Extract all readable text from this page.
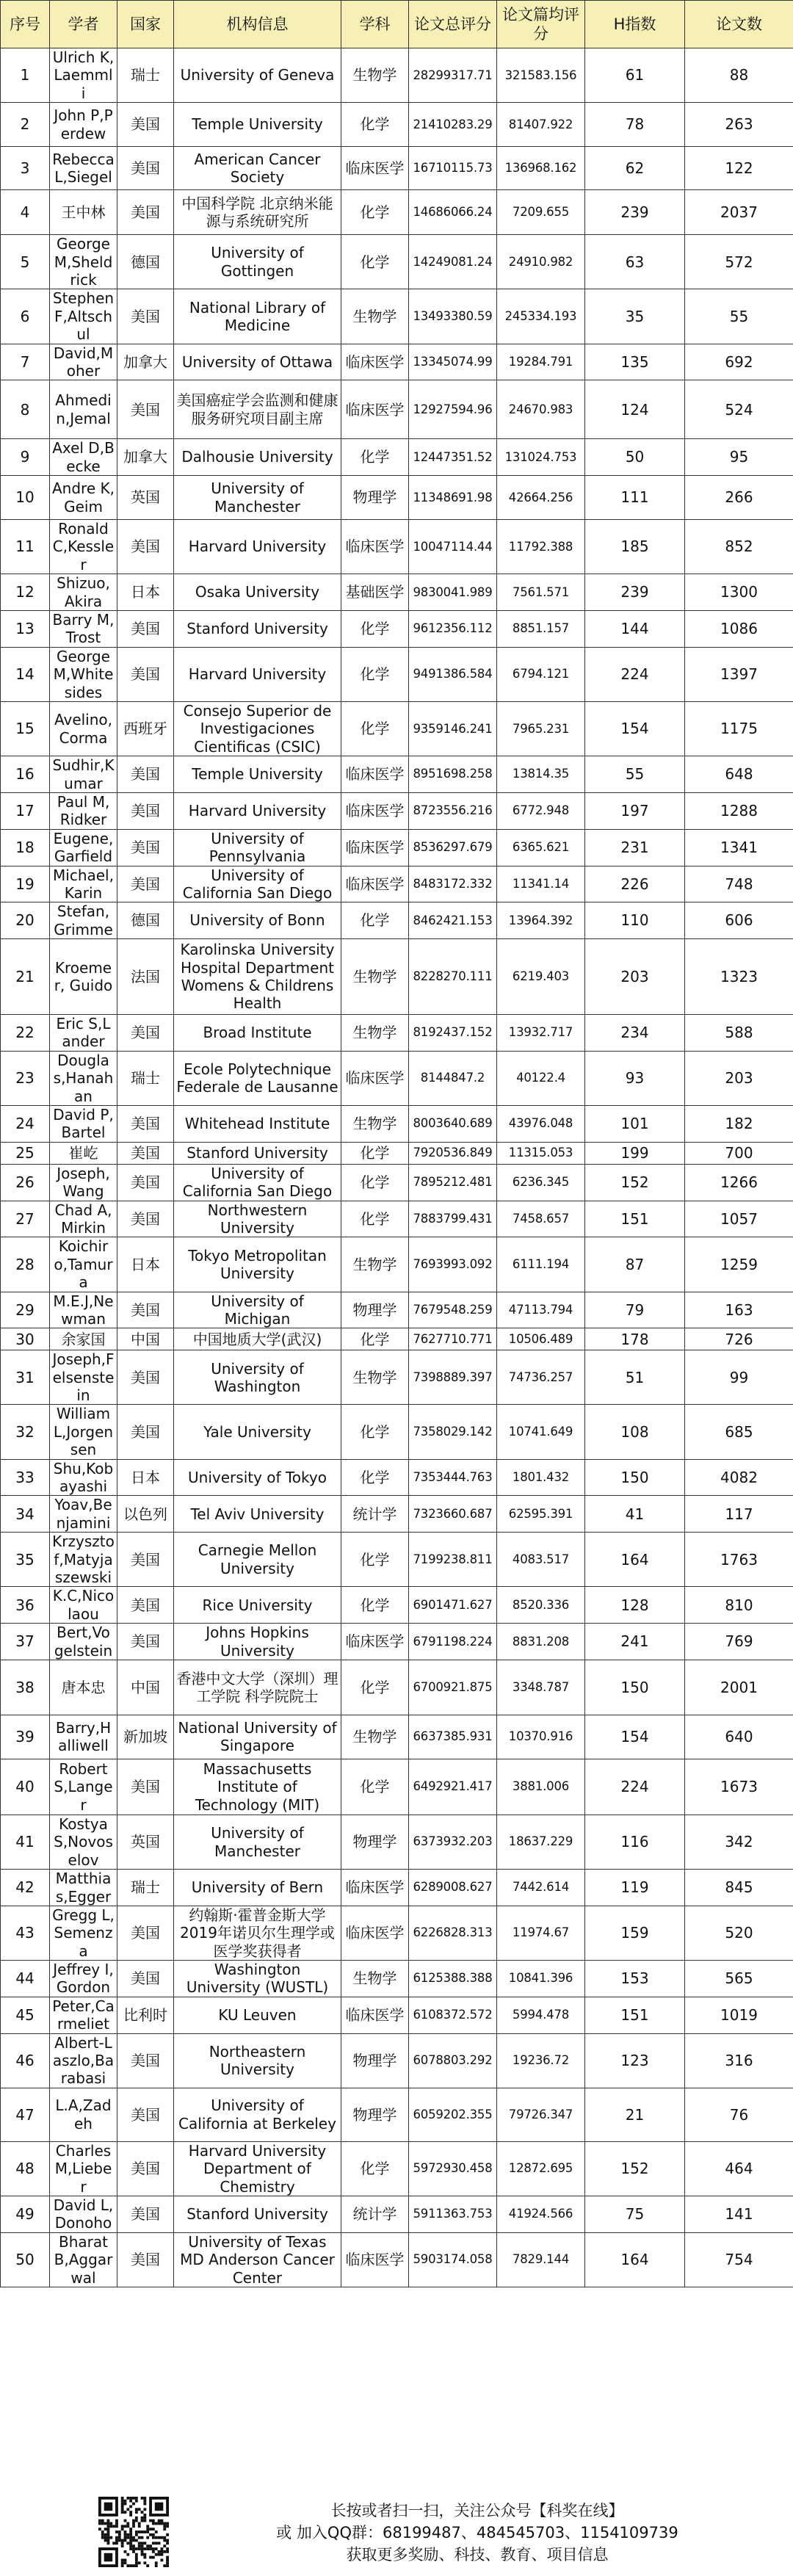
序号	学者	国家	机构信息	学科	论文总评分	论文篇均评分	H指数	论文数
1	Ulrich K,Laemmli	瑞士	University of Geneva	生物学	28299317.71	321583.156	61	88
2	John P,Perdew	美国	Temple University	化学	21410283.29	81407.922	78	263
3	Rebecca L,Siegel	美国	American Cancer Society	临床医学	16710115.73	136968.162	62	122
4	王中林	美国	中国科学院 北京纳米能源与系统研究所	化学	14686066.24	7209.655	239	2037
5	George M,Sheldrick	德国	University of Gottingen	化学	14249081.24	24910.982	63	572
6	Stephen F,Altschul	美国	National Library of Medicine	生物学	13493380.59	245334.193	35	55
7	David,Moher	加拿大	University of Ottawa	临床医学	13345074.99	19284.791	135	692
8	Ahmedin,Jemal	美国	美国癌症学会监测和健康服务研究项目副主席	临床医学	12927594.96	24670.983	124	524
9	Axel D,Becke	加拿大	Dalhousie University	化学	12447351.52	131024.753	50	95
10	Andre K,Geim	英国	University of Manchester	物理学	11348691.98	42664.256	111	266
11	Ronald C,Kessler	美国	Harvard University	临床医学	10047114.44	11792.388	185	852
12	Shizuo,Akira	日本	Osaka University	基础医学	9830041.989	7561.571	239	1300
13	Barry M,Trost	美国	Stanford University	化学	9612356.112	8851.157	144	1086
14	George M,Whitesides	美国	Harvard University	化学	9491386.584	6794.121	224	1397
15	Avelino,Corma	西班牙	Consejo Superior de Investigaciones Cientificas (CSIC)	化学	9359146.241	7965.231	154	1175
16	Sudhir,Kumar	美国	Temple University	临床医学	8951698.258	13814.35	55	648
17	Paul M,Ridker	美国	Harvard University	临床医学	8723556.216	6772.948	197	1288
18	Eugene,Garfield	美国	University of Pennsylvania	临床医学	8536297.679	6365.621	231	1341
19	Michael,Karin	美国	University of California San Diego	临床医学	8483172.332	11341.14	226	748
20	Stefan,Grimme	德国	University of Bonn	化学	8462421.153	13964.392	110	606
21	Kroemer, Guido	法国	Karolinska University Hospital Department Womens & Childrens Health	生物学	8228270.111	6219.403	203	1323
22	Eric S,Lander	美国	Broad Institute	生物学	8192437.152	13932.717	234	588
23	Douglas,Hanahan	瑞士	Ecole Polytechnique Federale de Lausanne	临床医学	8144847.2	40122.4	93	203
24	David P,Bartel	美国	Whitehead Institute	生物学	8003640.689	43976.048	101	182
25	崔屹	美国	Stanford University	化学	7920536.849	11315.053	199	700
26	Joseph,Wang	美国	University of California San Diego	化学	7895212.481	6236.345	152	1266
27	Chad A,Mirkin	美国	Northwestern University	化学	7883799.431	7458.657	151	1057
28	Koichiro,Tamura	日本	Tokyo Metropolitan University	生物学	7693993.092	6111.194	87	1259
29	M.E.J,Newman	美国	University of Michigan	物理学	7679548.259	47113.794	79	163
30	余家国	中国	中国地质大学(武汉)	化学	7627710.771	10506.489	178	726
31	Joseph,Felsenstein	美国	University of Washington	生物学	7398889.397	74736.257	51	99
32	William L,Jorgensen	美国	Yale University	化学	7358029.142	10741.649	108	685
33	Shu,Kobayashi	日本	University of Tokyo	化学	7353444.763	1801.432	150	4082
34	Yoav,Benjamini	以色列	Tel Aviv University	统计学	7323660.687	62595.391	41	117
35	Krzysztof,Matyjaszewski	美国	Carnegie Mellon University	化学	7199238.811	4083.517	164	1763
36	K.C,Nicolaou	美国	Rice University	化学	6901471.627	8520.336	128	810
37	Bert,Vogelstein	美国	Johns Hopkins University	临床医学	6791198.224	8831.208	241	769
38	唐本忠	中国	香港中文大学（深圳）理工学院 科学院院士	化学	6700921.875	3348.787	150	2001
39	Barry,Halliwell	新加坡	National University of Singapore	生物学	6637385.931	10370.916	154	640
40	Robert S,Langer	美国	Massachusetts Institute of Technology (MIT)	化学	6492921.417	3881.006	224	1673
41	Kostya S,Novoselov	英国	University of Manchester	物理学	6373932.203	18637.229	116	342
42	Matthias,Egger	瑞士	University of Bern	临床医学	6289008.627	7442.614	119	845
43	Gregg L,Semenza	美国	约翰斯·霍普金斯大学2019年诺贝尔生理学或医学奖获得者	临床医学	6226828.313	11974.67	159	520
44	Jeffrey I,Gordon	美国	Washington University (WUSTL)	生物学	6125388.388	10841.396	153	565
45	Peter,Carmeliet	比利时	KU Leuven	临床医学	6108372.572	5994.478	151	1019
46	Albert-Laszlo,Barabasi	美国	Northeastern University	物理学	6078803.292	19236.72	123	316
47	L.A,Zadeh	美国	University of California at Berkeley	物理学	6059202.355	79726.347	21	76
48	Charles M,Lieber	美国	Harvard University Department of Chemistry	化学	5972930.458	12872.695	152	464
49	David L,Donoho	美国	Stanford University	统计学	5911363.753	41924.566	75	141
50	Bharat B,Aggarwal	美国	University of Texas MD Anderson Cancer Center	临床医学	5903174.058	7829.144	164	754
长按或者扫一扫，关注公众号【科奖在线】
或 加入QQ群：68199487、484545703、1154109739
获取更多奖励、科技、教育、项目信息
